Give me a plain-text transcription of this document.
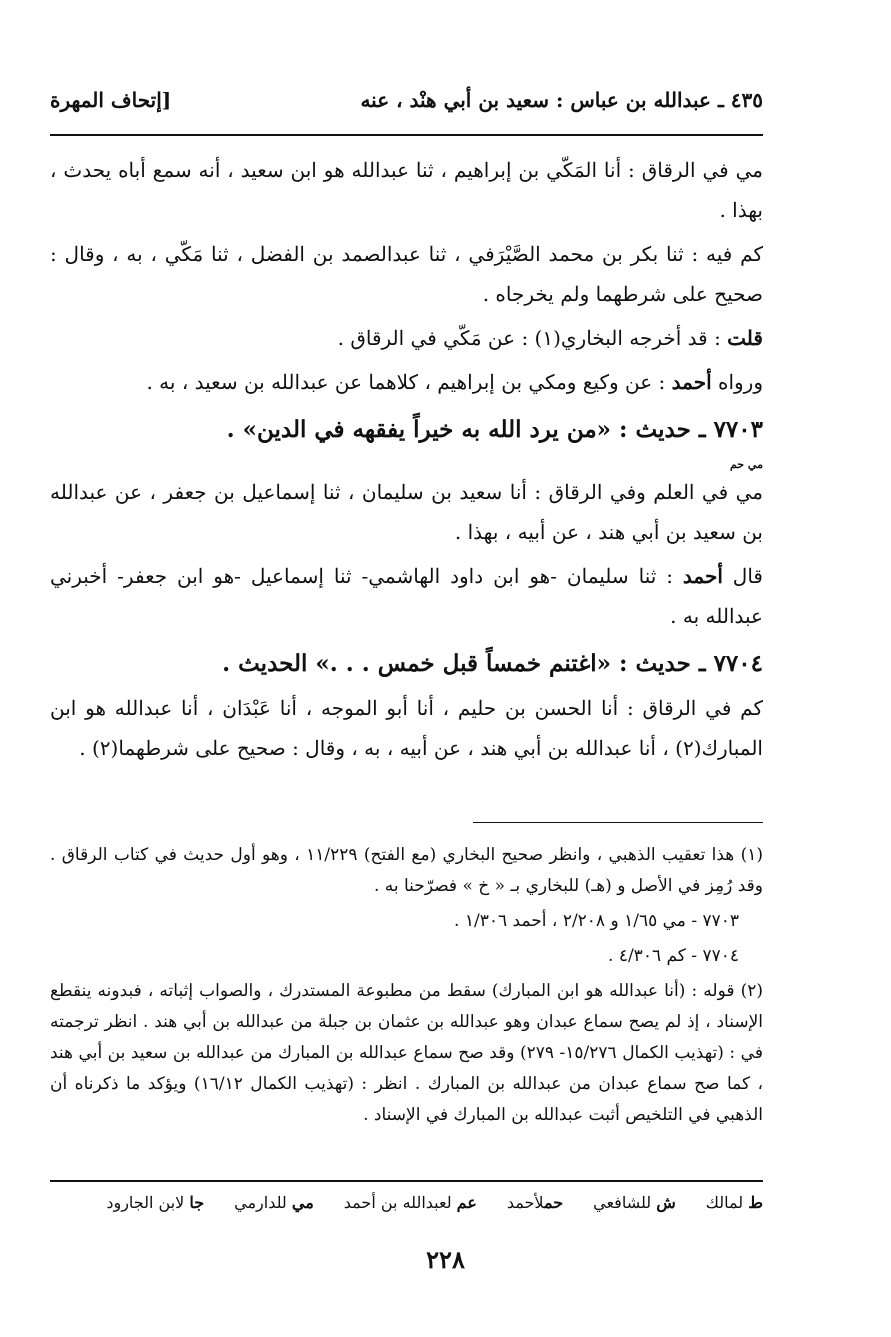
٤٣٥ ـ عبدالله بن عباس : سعيد بن أبي هنْد ، عنه
[إتحاف المهرة

مي في الرقاق : أنا المَكّي بن إبراهيم ، ثنا عبدالله هو ابن سعيد ، أنه سمع أباه يحدث ، بهذا .

كم فيه : ثنا بكر بن محمد الصَّيْرَفي ، ثنا عبدالصمد بن الفضل ، ثنا مَكّي ، به ، وقال : صحيح على شرطهما ولم يخرجاه .

قلت : قد أخرجه البخاري(١) : عن مَكّي في الرقاق .

ورواه أحمد : عن وكيع ومكي بن إبراهيم ، كلاهما عن عبدالله بن سعيد ، به .

٧٧٠٣ ـ حديث : «من يرد الله به خيراً يفقهه في الدين» .

مي حم

مي في العلم وفي الرقاق : أنا سعيد بن سليمان ، ثنا إسماعيل بن جعفر ، عن عبدالله بن سعيد بن أبي هند ، عن أبيه ، بهذا .

قال أحمد : ثنا سليمان -هو ابن داود الهاشمي- ثنا إسماعيل -هو ابن جعفر- أخبرني عبدالله به .

٧٧٠٤ ـ حديث : «اغتنم خمساً قبل خمس . . .» الحديث .

كم في الرقاق : أنا الحسن بن حليم ، أنا أبو الموجه ، أنا عَبْدَان ، أنا عبدالله هو ابن المبارك(٢) ، أنا عبدالله بن أبي هند ، عن أبيه ، به ، وقال : صحيح على شرطهما(٢) .

(١) هذا تعقيب الذهبي ، وانظر صحيح البخاري (مع الفتح) ١١/٢٢٩ ، وهو أول حديث في كتاب الرقاق . وقد رُمِز في الأصل و (هـ) للبخاري بـ « خ » فصرّحنا به .

٧٧٠٣ - مي ١/٦٥ و ٢/٢٠٨ ، أحمد ١/٣٠٦ .

٧٧٠٤ - كم ٤/٣٠٦ .

(٢) قوله : (أنا عبدالله هو ابن المبارك) سقط من مطبوعة المستدرك ، والصواب إثباته ، فبدونه ينقطع الإسناد ، إذ لم يصح سماع عبدان وهو عبدالله بن عثمان بن جبلة من عبدالله بن أبي هند . انظر ترجمته في : (تهذيب الكمال ١٥/٢٧٦- ٢٧٩) وقد صح سماع عبدالله بن المبارك من عبدالله بن سعيد بن أبي هند ، كما صح سماع عبدان من عبدالله بن المبارك . انظر : (تهذيب الكمال ١٦/١٢) ويؤكد ما ذكرناه أن الذهبي في التلخيص أثبت عبدالله بن المبارك في الإسناد .

ط لمالك
ش للشافعي
حملأحمد
عم لعبدالله بن أحمد
مي للدارمي
جا لابن الجارود
٢٢٨
